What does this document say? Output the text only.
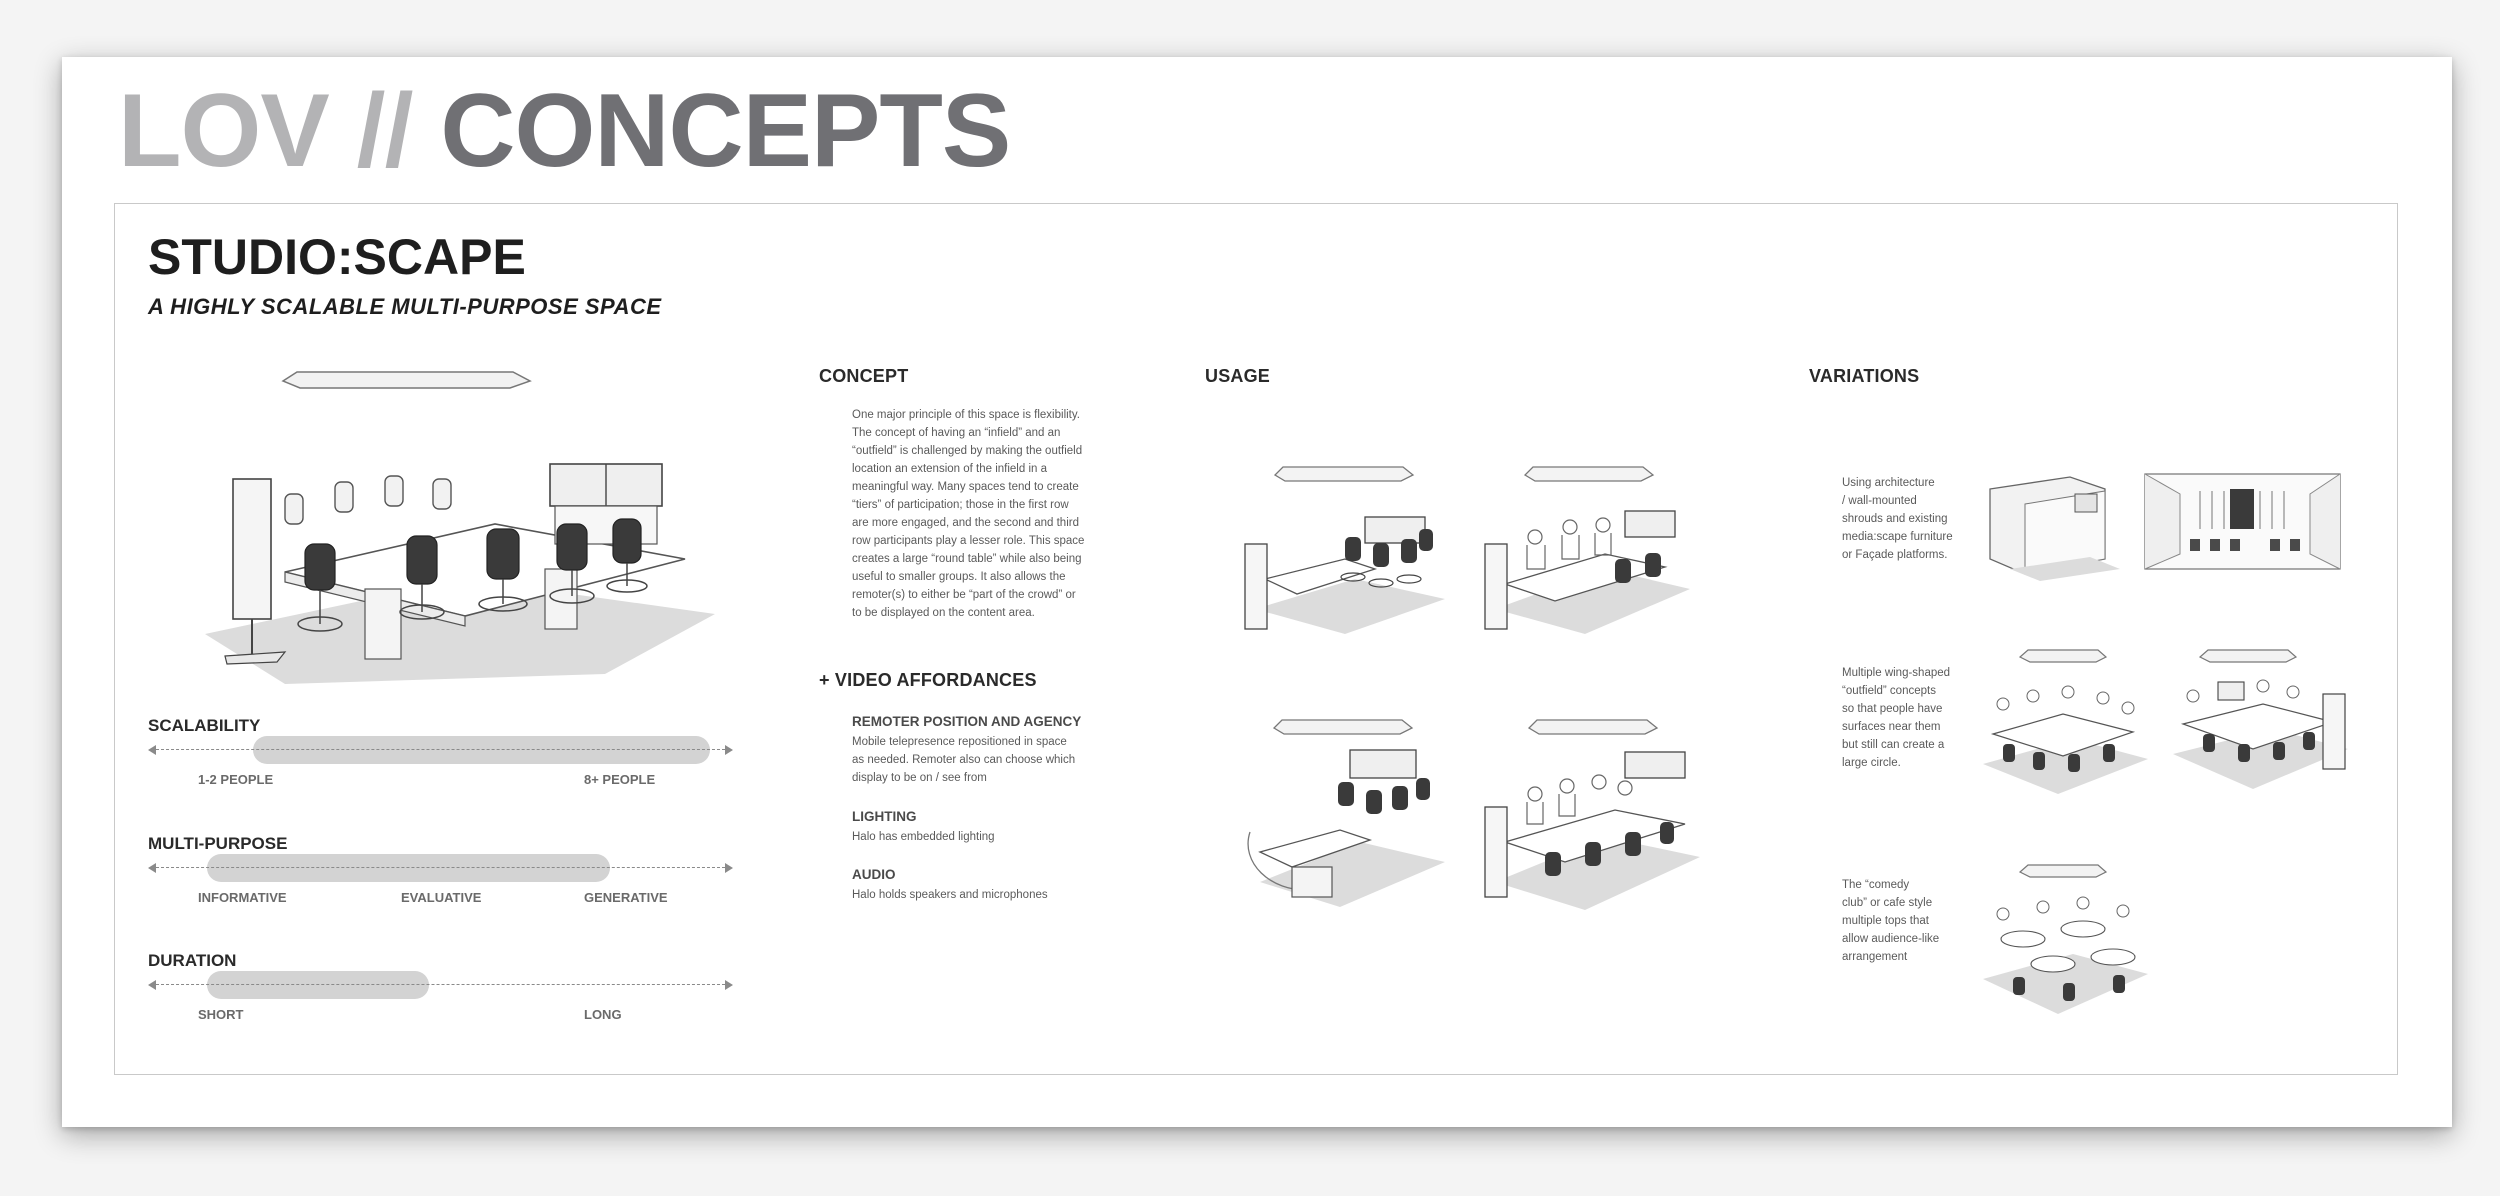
LOV // CONCEPTS
STUDIO:SCAPE
A HIGHLY SCALABLE MULTI-PURPOSE SPACE
SCALABILITY
1-2 PEOPLE	8+ PEOPLE
MULTI-PURPOSE
INFORMATIVE	EVALUATIVE	GENERATIVE
DURATION
SHORT	LONG
CONCEPT
One major principle of this space is flexibility.
The concept of having an “infield” and an
“outfield” is challenged by making the outfield
location an extension of the infield in a
meaningful way. Many spaces tend to create
“tiers” of participation; those in the first row
are more engaged, and the second and third
row participants play a lesser role. This space
creates a large “round table” while also being
useful to smaller groups. It also allows the
remoter(s) to either be “part of the crowd” or
to be displayed on the content area.
+ VIDEO AFFORDANCES
REMOTER POSITION AND AGENCY
Mobile telepresence repositioned in space
as needed. Remoter also can choose which
display to be on / see from
LIGHTING
Halo has embedded lighting
AUDIO
Halo holds speakers and microphones
USAGE	VARIATIONS
Using architecture
/ wall-mounted
shrouds and existing
media:scape furniture
or Façade platforms.
Multiple wing-shaped
“outfield” concepts
so that people have
surfaces near them
but still can create a
large circle.
The “comedy
club” or cafe style
multiple tops that
allow audience-like
arrangement
